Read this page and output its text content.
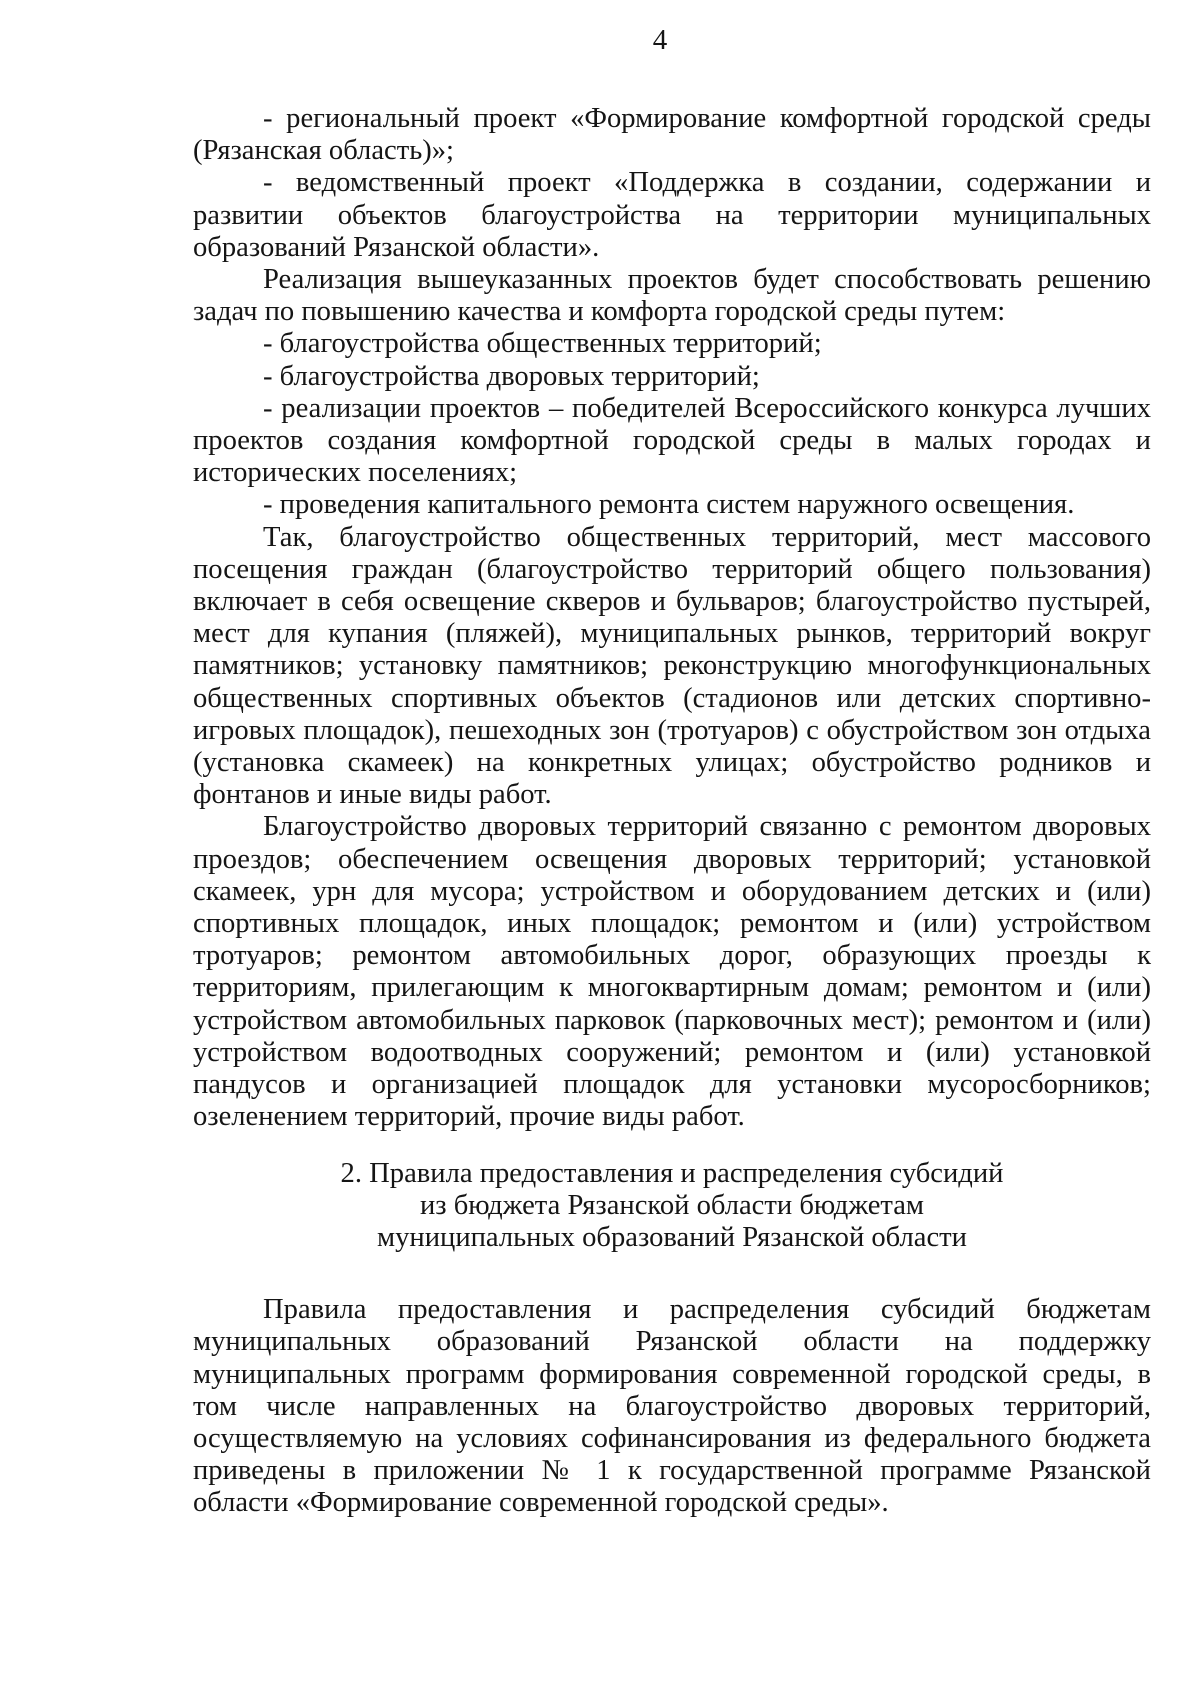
4

- региональный проект «Формирование комфортной городской среды (Рязанская область)»;

- ведомственный проект «Поддержка в создании, содержании и развитии объектов благоустройства на территории муниципальных образований Рязанской области».

Реализация вышеуказанных проектов будет способствовать решению задач по повышению качества и комфорта городской среды путем:

- благоустройства общественных территорий;

- благоустройства дворовых территорий;

- реализации проектов – победителей Всероссийского конкурса лучших проектов создания комфортной городской среды в малых городах и исторических поселениях;

- проведения капитального ремонта систем наружного освещения.

Так, благоустройство общественных территорий, мест массового посещения граждан (благоустройство территорий общего пользования) включает в себя освещение скверов и бульваров; благоустройство пустырей, мест для купания (пляжей), муниципальных рынков, территорий вокруг памятников; установку памятников; реконструкцию многофункциональных общественных спортивных объектов (стадионов или детских спортивно-игровых площадок), пешеходных зон (тротуаров) с обустройством зон отдыха (установка скамеек) на конкретных улицах; обустройство родников и фонтанов и иные виды работ.

Благоустройство дворовых территорий связанно с ремонтом дворовых проездов; обеспечением освещения дворовых территорий; установкой скамеек, урн для мусора; устройством и оборудованием детских и (или) спортивных площадок, иных площадок; ремонтом и (или) устройством тротуаров; ремонтом автомобильных дорог, образующих проезды к территориям, прилегающим к многоквартирным домам; ремонтом и (или) устройством автомобильных парковок (парковочных мест); ремонтом и (или) устройством водоотводных сооружений; ремонтом и (или) установкой пандусов и организацией площадок для установки мусоросборников; озеленением территорий, прочие виды работ.

2. Правила предоставления и распределения субсидий
из бюджета Рязанской области бюджетам
муниципальных образований Рязанской области

Правила предоставления и распределения субсидий бюджетам муниципальных образований Рязанской области на поддержку муниципальных программ формирования современной городской среды, в том числе направленных на благоустройство дворовых территорий, осуществляемую на условиях софинансирования из федерального бюджета приведены в приложении № 1 к государственной программе Рязанской области «Формирование современной городской среды».
